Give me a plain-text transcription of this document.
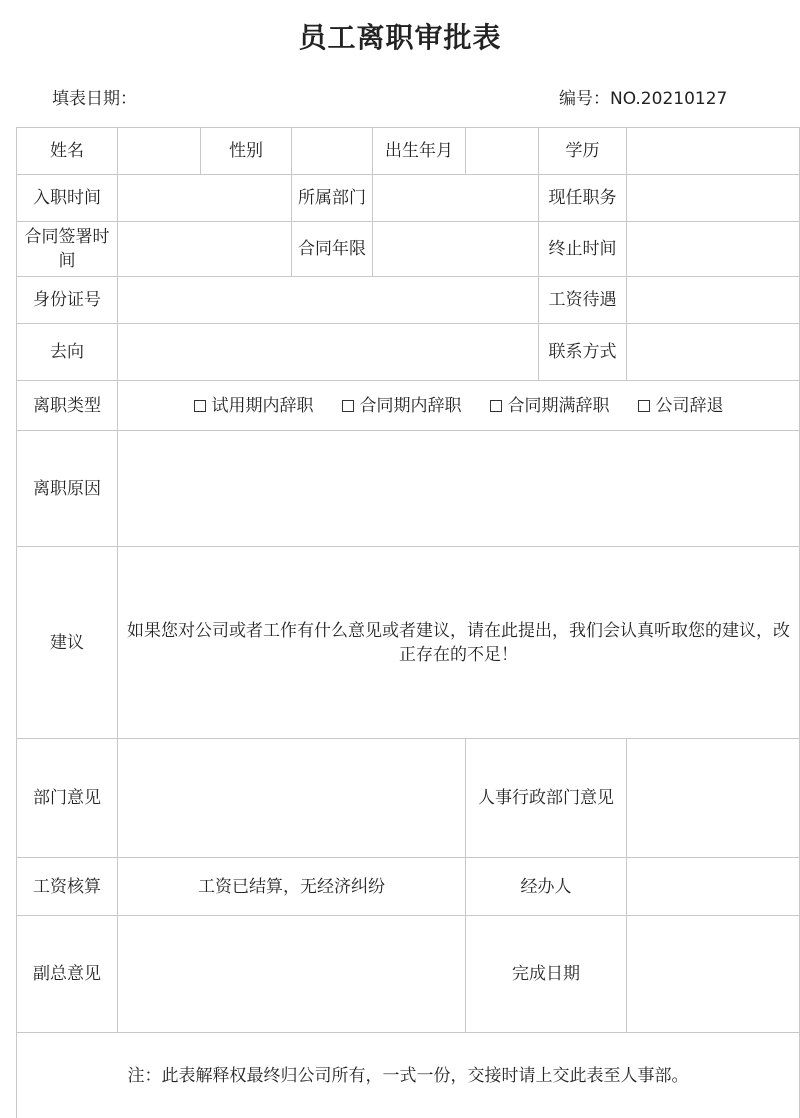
员工离职审批表
填表日期：	编号：NO.20210127
姓名		性别		出生年月		学历	
入职时间			所属部门			现任职务	
合同签署时间			合同年限			终止时间	
身份证号						工资待遇	
去向						联系方式	
离职类型	试用期内辞职 合同期内辞职 合同期满辞职 公司辞退						

离职原因							
建议	如果您对公司或者工作有什么意见或者建议，请在此提出，我们会认真听取您的建议，改正存在的不足！						
部门意见					人事行政部门意见		
工资核算	工资已结算，无经济纠纷				经办人		
副总意见					完成日期		
注：此表解释权最终归公司所有，一式一份，交接时请上交此表至人事部。							
